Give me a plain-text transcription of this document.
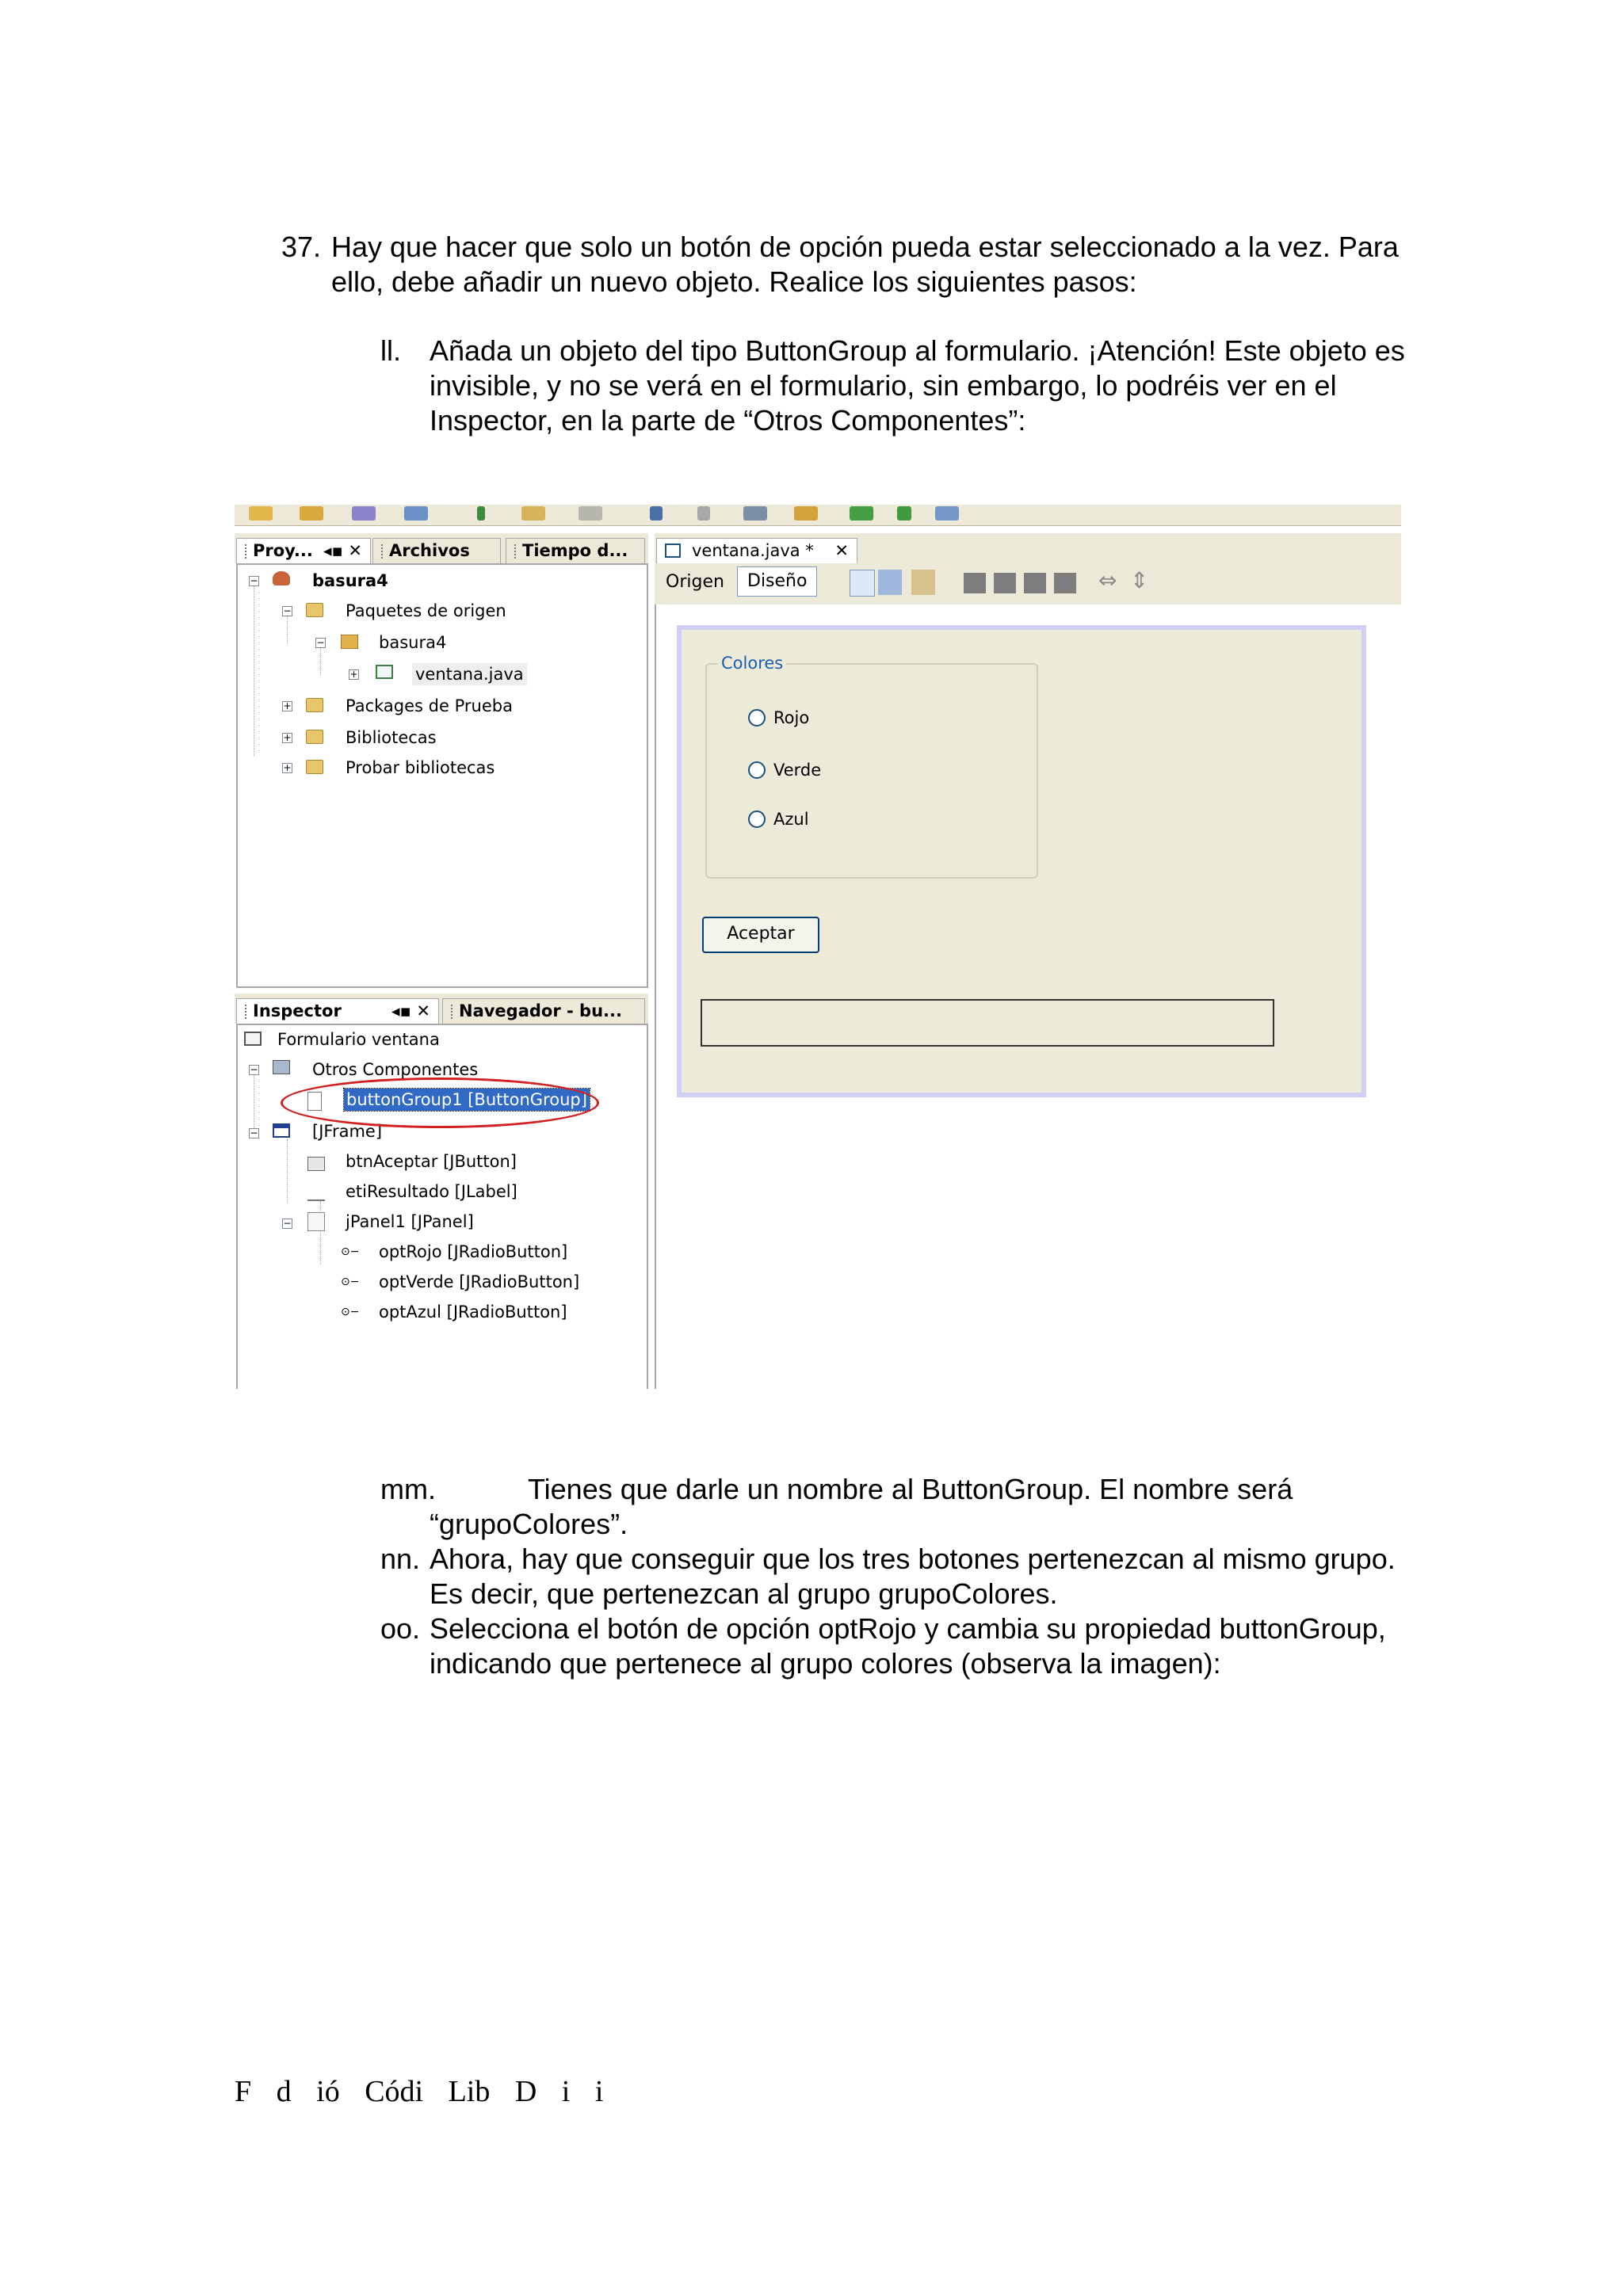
37. Hay que hacer que solo un botón de opción pueda estar seleccionado a la vez. Para
ello, debe añadir un nuevo objeto. Realice los siguientes pasos:
ll. Añada un objeto del tipo ButtonGroup al formulario. ¡Atención! Este objeto es
invisible, y no se verá en el formulario, sin embargo, lo podréis ver en el
Inspector, en la parte de “Otros Componentes”:
Proy... ◂▪ ✕	Archivos	Tiempo d...
−	basura4
−	Paquetes de origen
−	basura4
+	ventana.java
+	Packages de Prueba
+	Bibliotecas
+	Probar bibliotecas
Inspector	◂▪ ✕	Navegador - bu...
Formulario ventana
−	Otros Componentes
buttonGroup1 [ButtonGroup]
−	[JFrame]
btnAceptar [JButton]
etiResultado [JLabel]
−	jPanel1 [JPanel]
⊙− optRojo [JRadioButton]
⊙− optVerde [JRadioButton]
⊙− optAzul [JRadioButton]
ventana.java * ✕
Origen	Diseño	⇔ ⇕
Colores
Rojo
Verde
Azul
Aceptar
mm.	Tienes que darle un nombre al ButtonGroup. El nombre será
“grupoColores”.
nn. Ahora, hay que conseguir que los tres botones pertenezcan al mismo grupo.
Es decir, que pertenezcan al grupo grupoColores.
oo. Selecciona el botón de opción optRojo y cambia su propiedad buttonGroup,
indicando que pertenece al grupo colores (observa la imagen):
F d ió Códi Lib D i i
